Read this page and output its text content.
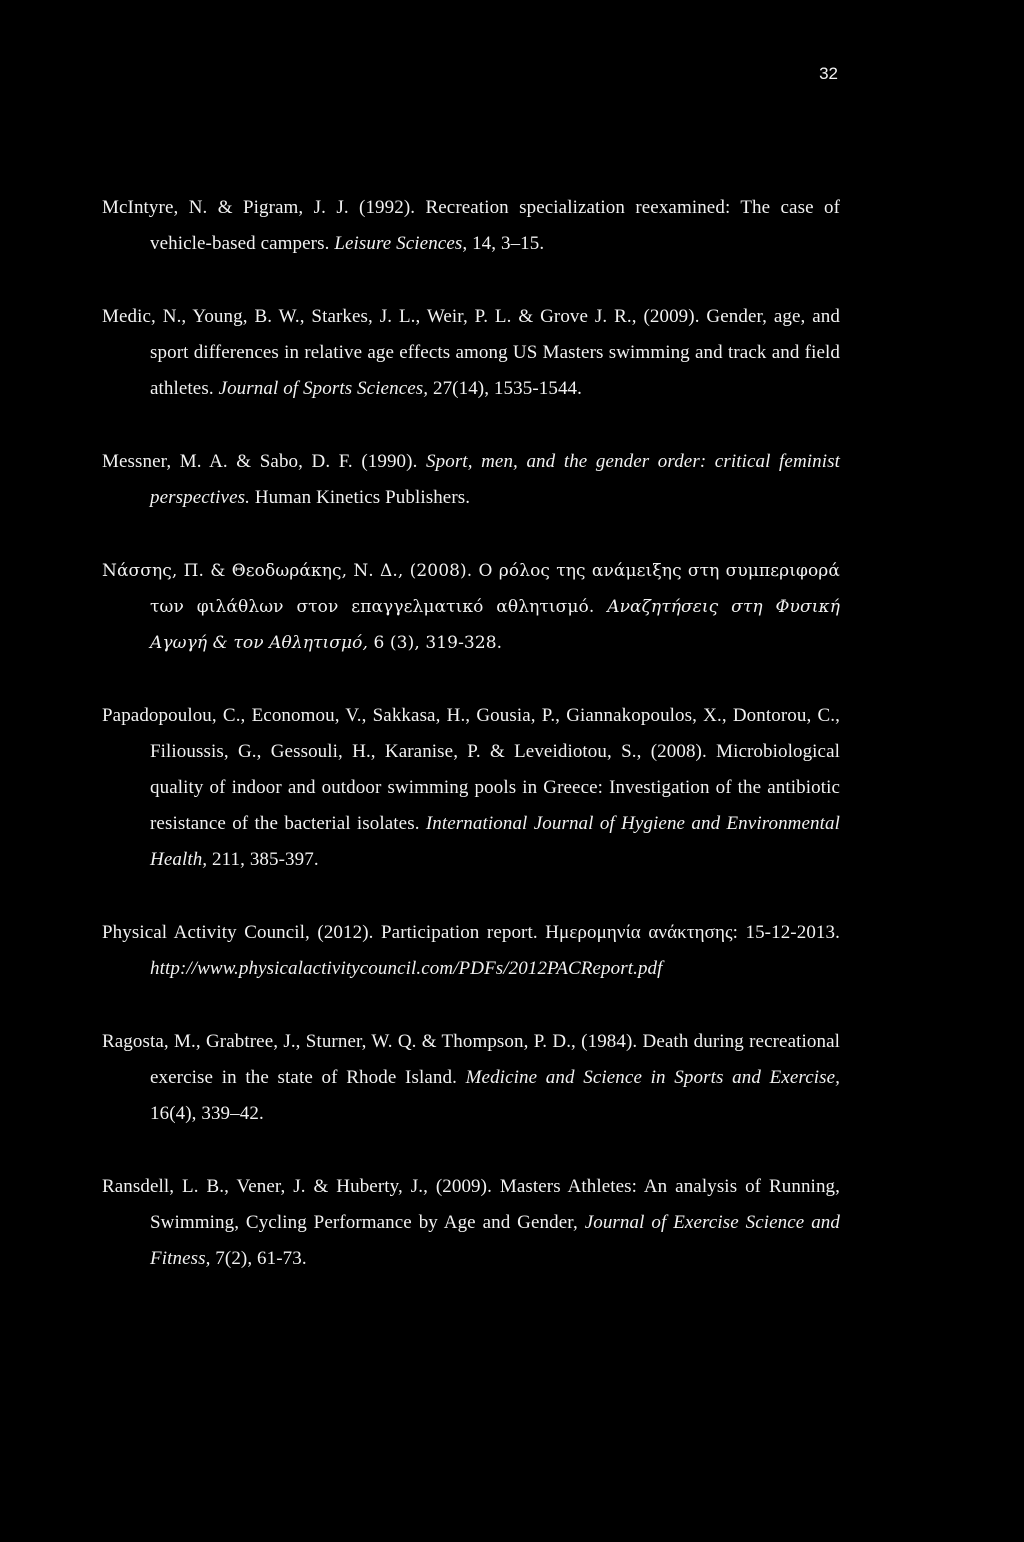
32

McIntyre, N. & Pigram, J. J. (1992). Recreation specialization reexamined: The case of vehicle-based campers. Leisure Sciences, 14, 3–15.

Medic, N., Young, B. W., Starkes, J. L., Weir, P. L. & Grove J. R., (2009). Gender, age, and sport differences in relative age effects among US Masters swimming and track and field athletes. Journal of Sports Sciences, 27(14), 1535-1544.

Messner, M. A. & Sabo, D. F. (1990). Sport, men, and the gender order: critical feminist perspectives. Human Kinetics Publishers.

Νάσσης, Π. & Θεοδωράκης, Ν. Δ., (2008). Ο ρόλος της ανάμειξης στη συμπεριφορά των φιλάθλων στον επαγγελματικό αθλητισμό. Αναζητήσεις στη Φυσική Αγωγή & τον Αθλητισμό, 6 (3), 319-328.

Papadopoulou, C., Economou, V., Sakkasa, H., Gousia, P., Giannakopoulos, X., Dontorou, C., Filioussis, G., Gessouli, H., Karanise, P. & Leveidiotou, S., (2008). Microbiological quality of indoor and outdoor swimming pools in Greece: Investigation of the antibiotic resistance of the bacterial isolates. International Journal of Hygiene and Environmental Health, 211, 385-397.

Physical Activity Council, (2012). Participation report. Ημερομηνία ανάκτησης: 15-12-2013. http://www.physicalactivitycouncil.com/PDFs/2012PACReport.pdf

Ragosta, M., Grabtree, J., Sturner, W. Q. & Thompson, P. D., (1984). Death during recreational exercise in the state of Rhode Island. Medicine and Science in Sports and Exercise, 16(4), 339–42.

Ransdell, L. B., Vener, J. & Huberty, J., (2009). Masters Athletes: An analysis of Running, Swimming, Cycling Performance by Age and Gender, Journal of Exercise Science and Fitness, 7(2), 61-73.
